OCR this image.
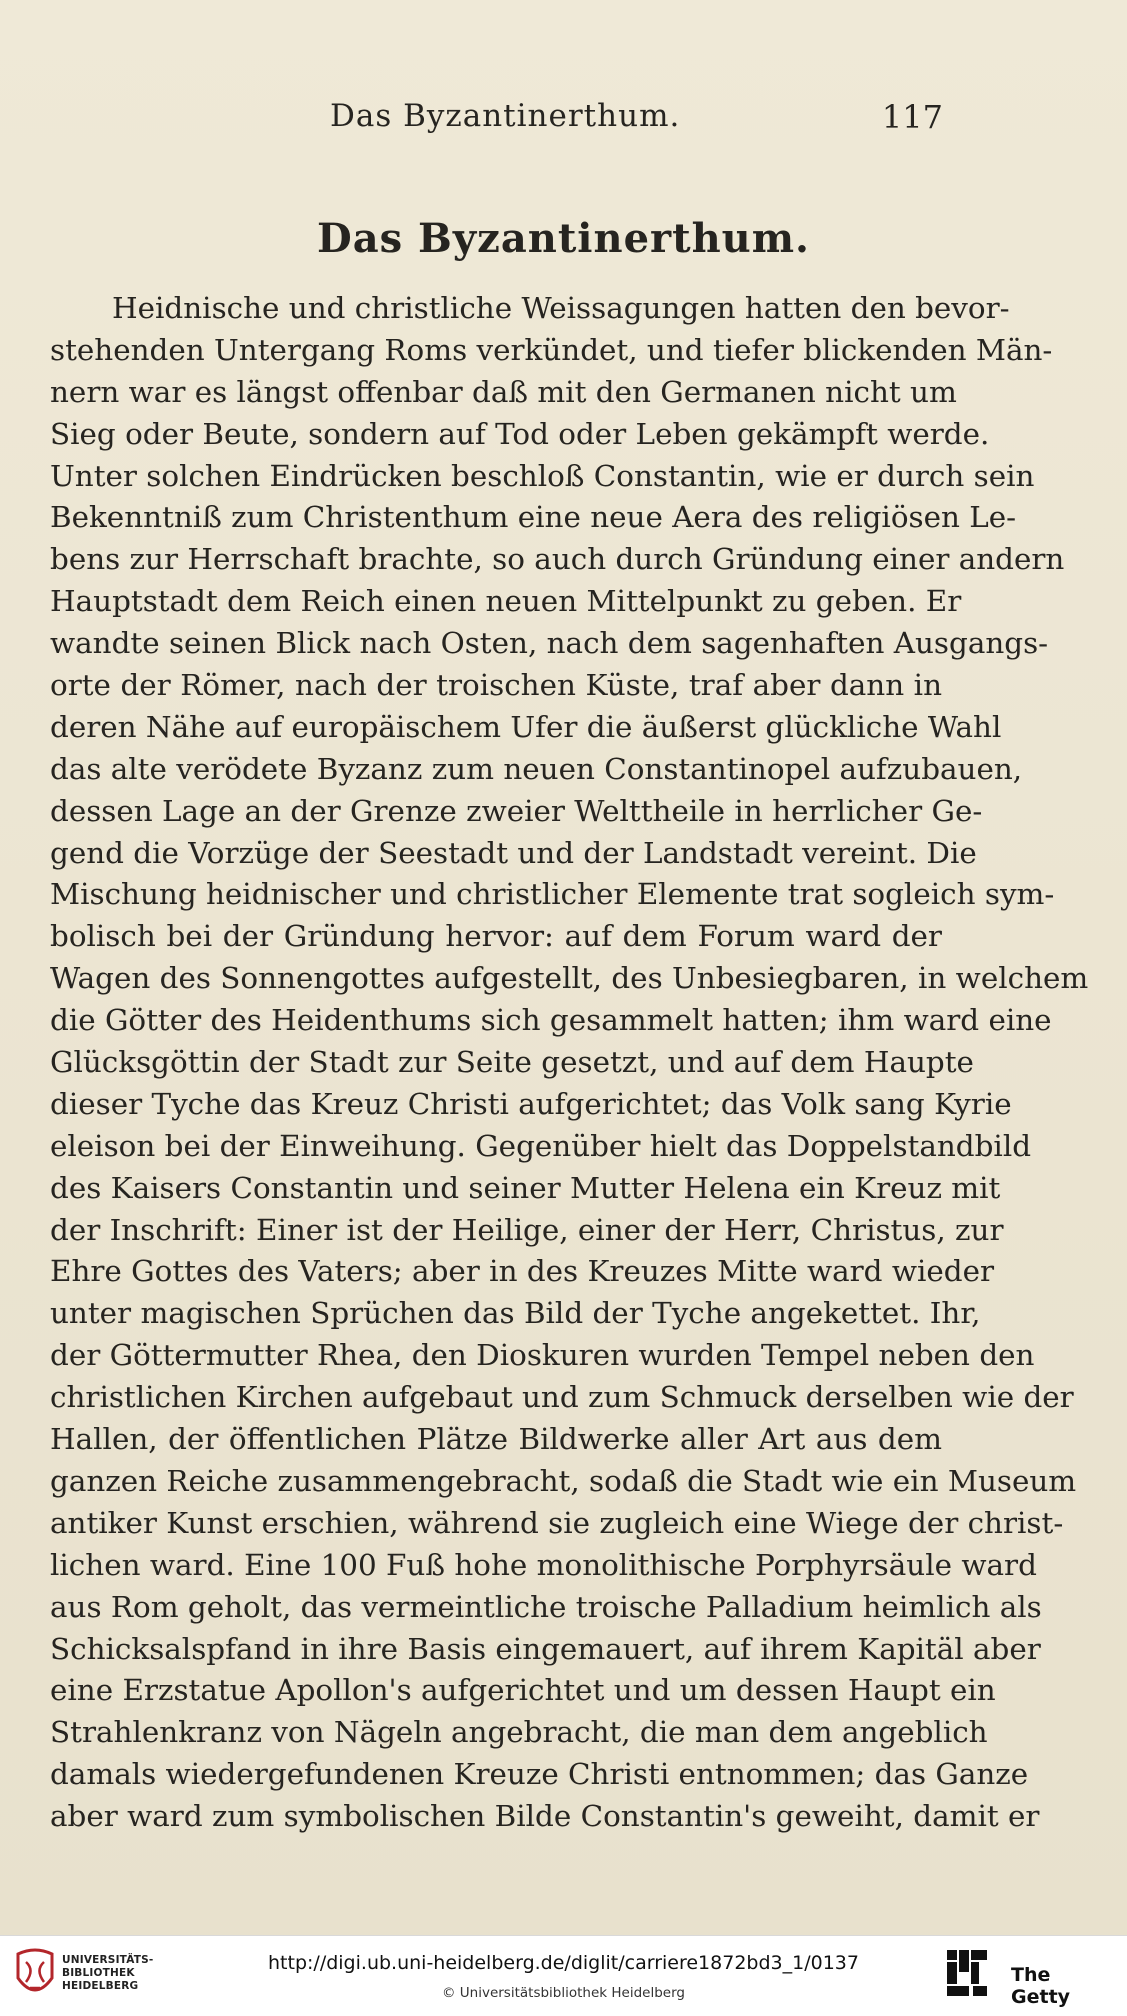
Das Byzantinerthum.	117
Das Byzantinerthum.
Heidnische und christliche Weissagungen hatten den bevor-
stehenden Untergang Roms verkündet, und tiefer blickenden Män-
nern war es längst offenbar daß mit den Germanen nicht um
Sieg oder Beute, sondern auf Tod oder Leben gekämpft werde.
Unter solchen Eindrücken beschloß Constantin, wie er durch sein
Bekenntniß zum Christenthum eine neue Aera des religiösen Le-
bens zur Herrschaft brachte, so auch durch Gründung einer andern
Hauptstadt dem Reich einen neuen Mittelpunkt zu geben. Er
wandte seinen Blick nach Osten, nach dem sagenhaften Ausgangs-
orte der Römer, nach der troischen Küste, traf aber dann in
deren Nähe auf europäischem Ufer die äußerst glückliche Wahl
das alte verödete Byzanz zum neuen Constantinopel aufzubauen,
dessen Lage an der Grenze zweier Welttheile in herrlicher Ge-
gend die Vorzüge der Seestadt und der Landstadt vereint. Die
Mischung heidnischer und christlicher Elemente trat sogleich sym-
bolisch bei der Gründung hervor: auf dem Forum ward der
Wagen des Sonnengottes aufgestellt, des Unbesiegbaren, in welchem
die Götter des Heidenthums sich gesammelt hatten; ihm ward eine
Glücksgöttin der Stadt zur Seite gesetzt, und auf dem Haupte
dieser Tyche das Kreuz Christi aufgerichtet; das Volk sang Kyrie
eleison bei der Einweihung. Gegenüber hielt das Doppelstandbild
des Kaisers Constantin und seiner Mutter Helena ein Kreuz mit
der Inschrift: Einer ist der Heilige, einer der Herr, Christus, zur
Ehre Gottes des Vaters; aber in des Kreuzes Mitte ward wieder
unter magischen Sprüchen das Bild der Tyche angekettet. Ihr,
der Göttermutter Rhea, den Dioskuren wurden Tempel neben den
christlichen Kirchen aufgebaut und zum Schmuck derselben wie der
Hallen, der öffentlichen Plätze Bildwerke aller Art aus dem
ganzen Reiche zusammengebracht, sodaß die Stadt wie ein Museum
antiker Kunst erschien, während sie zugleich eine Wiege der christ-
lichen ward. Eine 100 Fuß hohe monolithische Porphyrsäule ward
aus Rom geholt, das vermeintliche troische Palladium heimlich als
Schicksalspfand in ihre Basis eingemauert, auf ihrem Kapitäl aber
eine Erzstatue Apollon's aufgerichtet und um dessen Haupt ein
Strahlenkranz von Nägeln angebracht, die man dem angeblich
damals wiedergefundenen Kreuze Christi entnommen; das Ganze
aber ward zum symbolischen Bilde Constantin's geweiht, damit er
UNIVERSITÄTS-
BIBLIOTHEK
HEIDELBERG
http://digi.ub.uni-heidelberg.de/diglit/carriere1872bd3_1/0137
© Universitätsbibliothek Heidelberg
The Getty
